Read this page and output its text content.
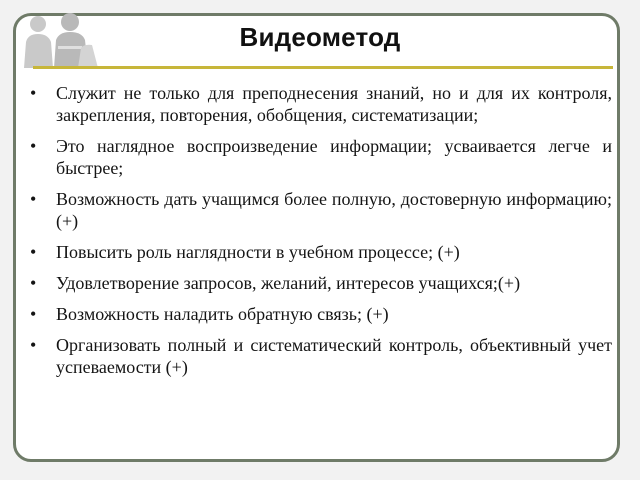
Видеометод
• Служит не только для преподнесения знаний, но и для их контроля, закрепления, повторения, обобщения, систематизации;
• Это наглядное воспроизведение информации; усваивается легче и быстрее;
• Возможность дать учащимся более полную, достоверную информацию; (+)
• Повысить роль наглядности в учебном процессе; (+)
• Удовлетворение запросов, желаний, интересов учащихся;(+)
• Возможность наладить обратную связь; (+)
• Организовать полный и систематический контроль, объективный учет успеваемости (+)
